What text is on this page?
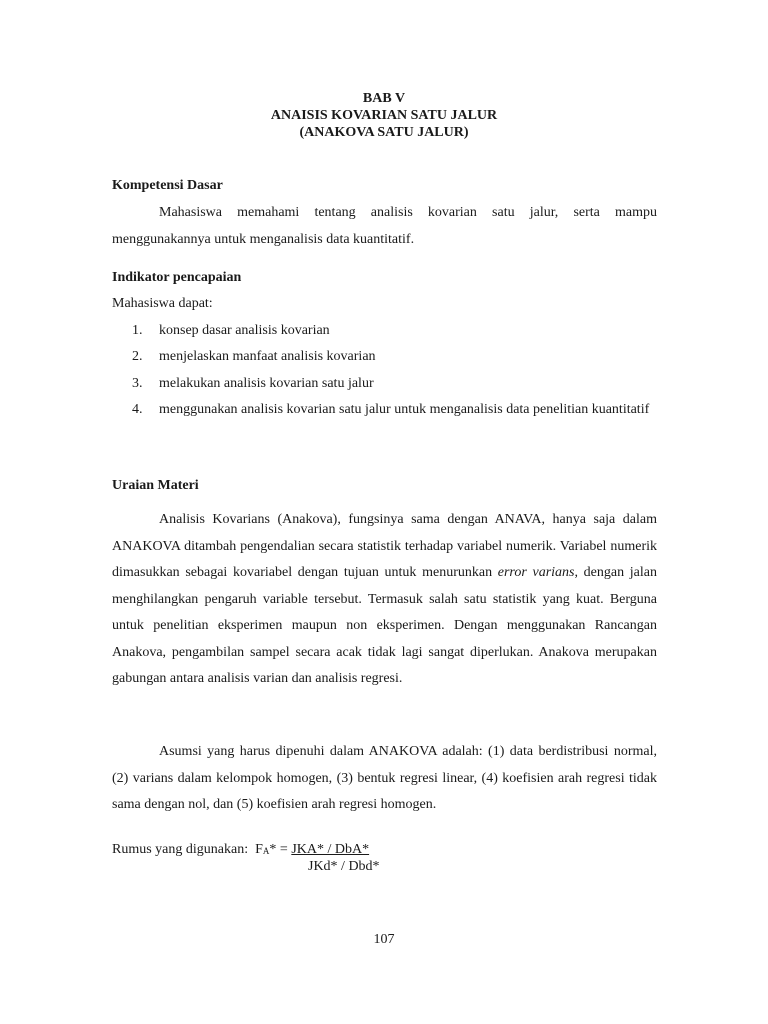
BAB V
ANAISIS KOVARIAN SATU JALUR
(ANAKOVA SATU JALUR)
Kompetensi Dasar
Mahasiswa memahami tentang analisis kovarian satu jalur, serta mampu menggunakannya untuk menganalisis data kuantitatif.
Indikator pencapaian
Mahasiswa dapat:
1. konsep dasar analisis kovarian
2. menjelaskan manfaat analisis kovarian
3. melakukan analisis kovarian satu jalur
4. menggunakan analisis kovarian satu jalur untuk menganalisis data penelitian kuantitatif
Uraian Materi
Analisis Kovarians (Anakova), fungsinya sama dengan ANAVA, hanya saja dalam ANAKOVA ditambah pengendalian secara statistik terhadap variabel numerik. Variabel numerik dimasukkan sebagai kovariabel dengan tujuan untuk menurunkan error varians, dengan jalan menghilangkan pengaruh variable tersebut. Termasuk salah satu statistik yang kuat. Berguna untuk penelitian eksperimen maupun non eksperimen. Dengan menggunakan Rancangan Anakova, pengambilan sampel secara acak tidak lagi sangat diperlukan. Anakova merupakan gabungan antara analisis varian dan analisis regresi.
Asumsi yang harus dipenuhi dalam ANAKOVA adalah: (1) data berdistribusi normal, (2) varians dalam kelompok homogen, (3) bentuk regresi linear, (4) koefisien arah regresi tidak sama dengan nol, dan (5) koefisien arah regresi homogen.
Rumus yang digunakan: FA* = JKA* / DbA*
JKd* / Dbd*
107
